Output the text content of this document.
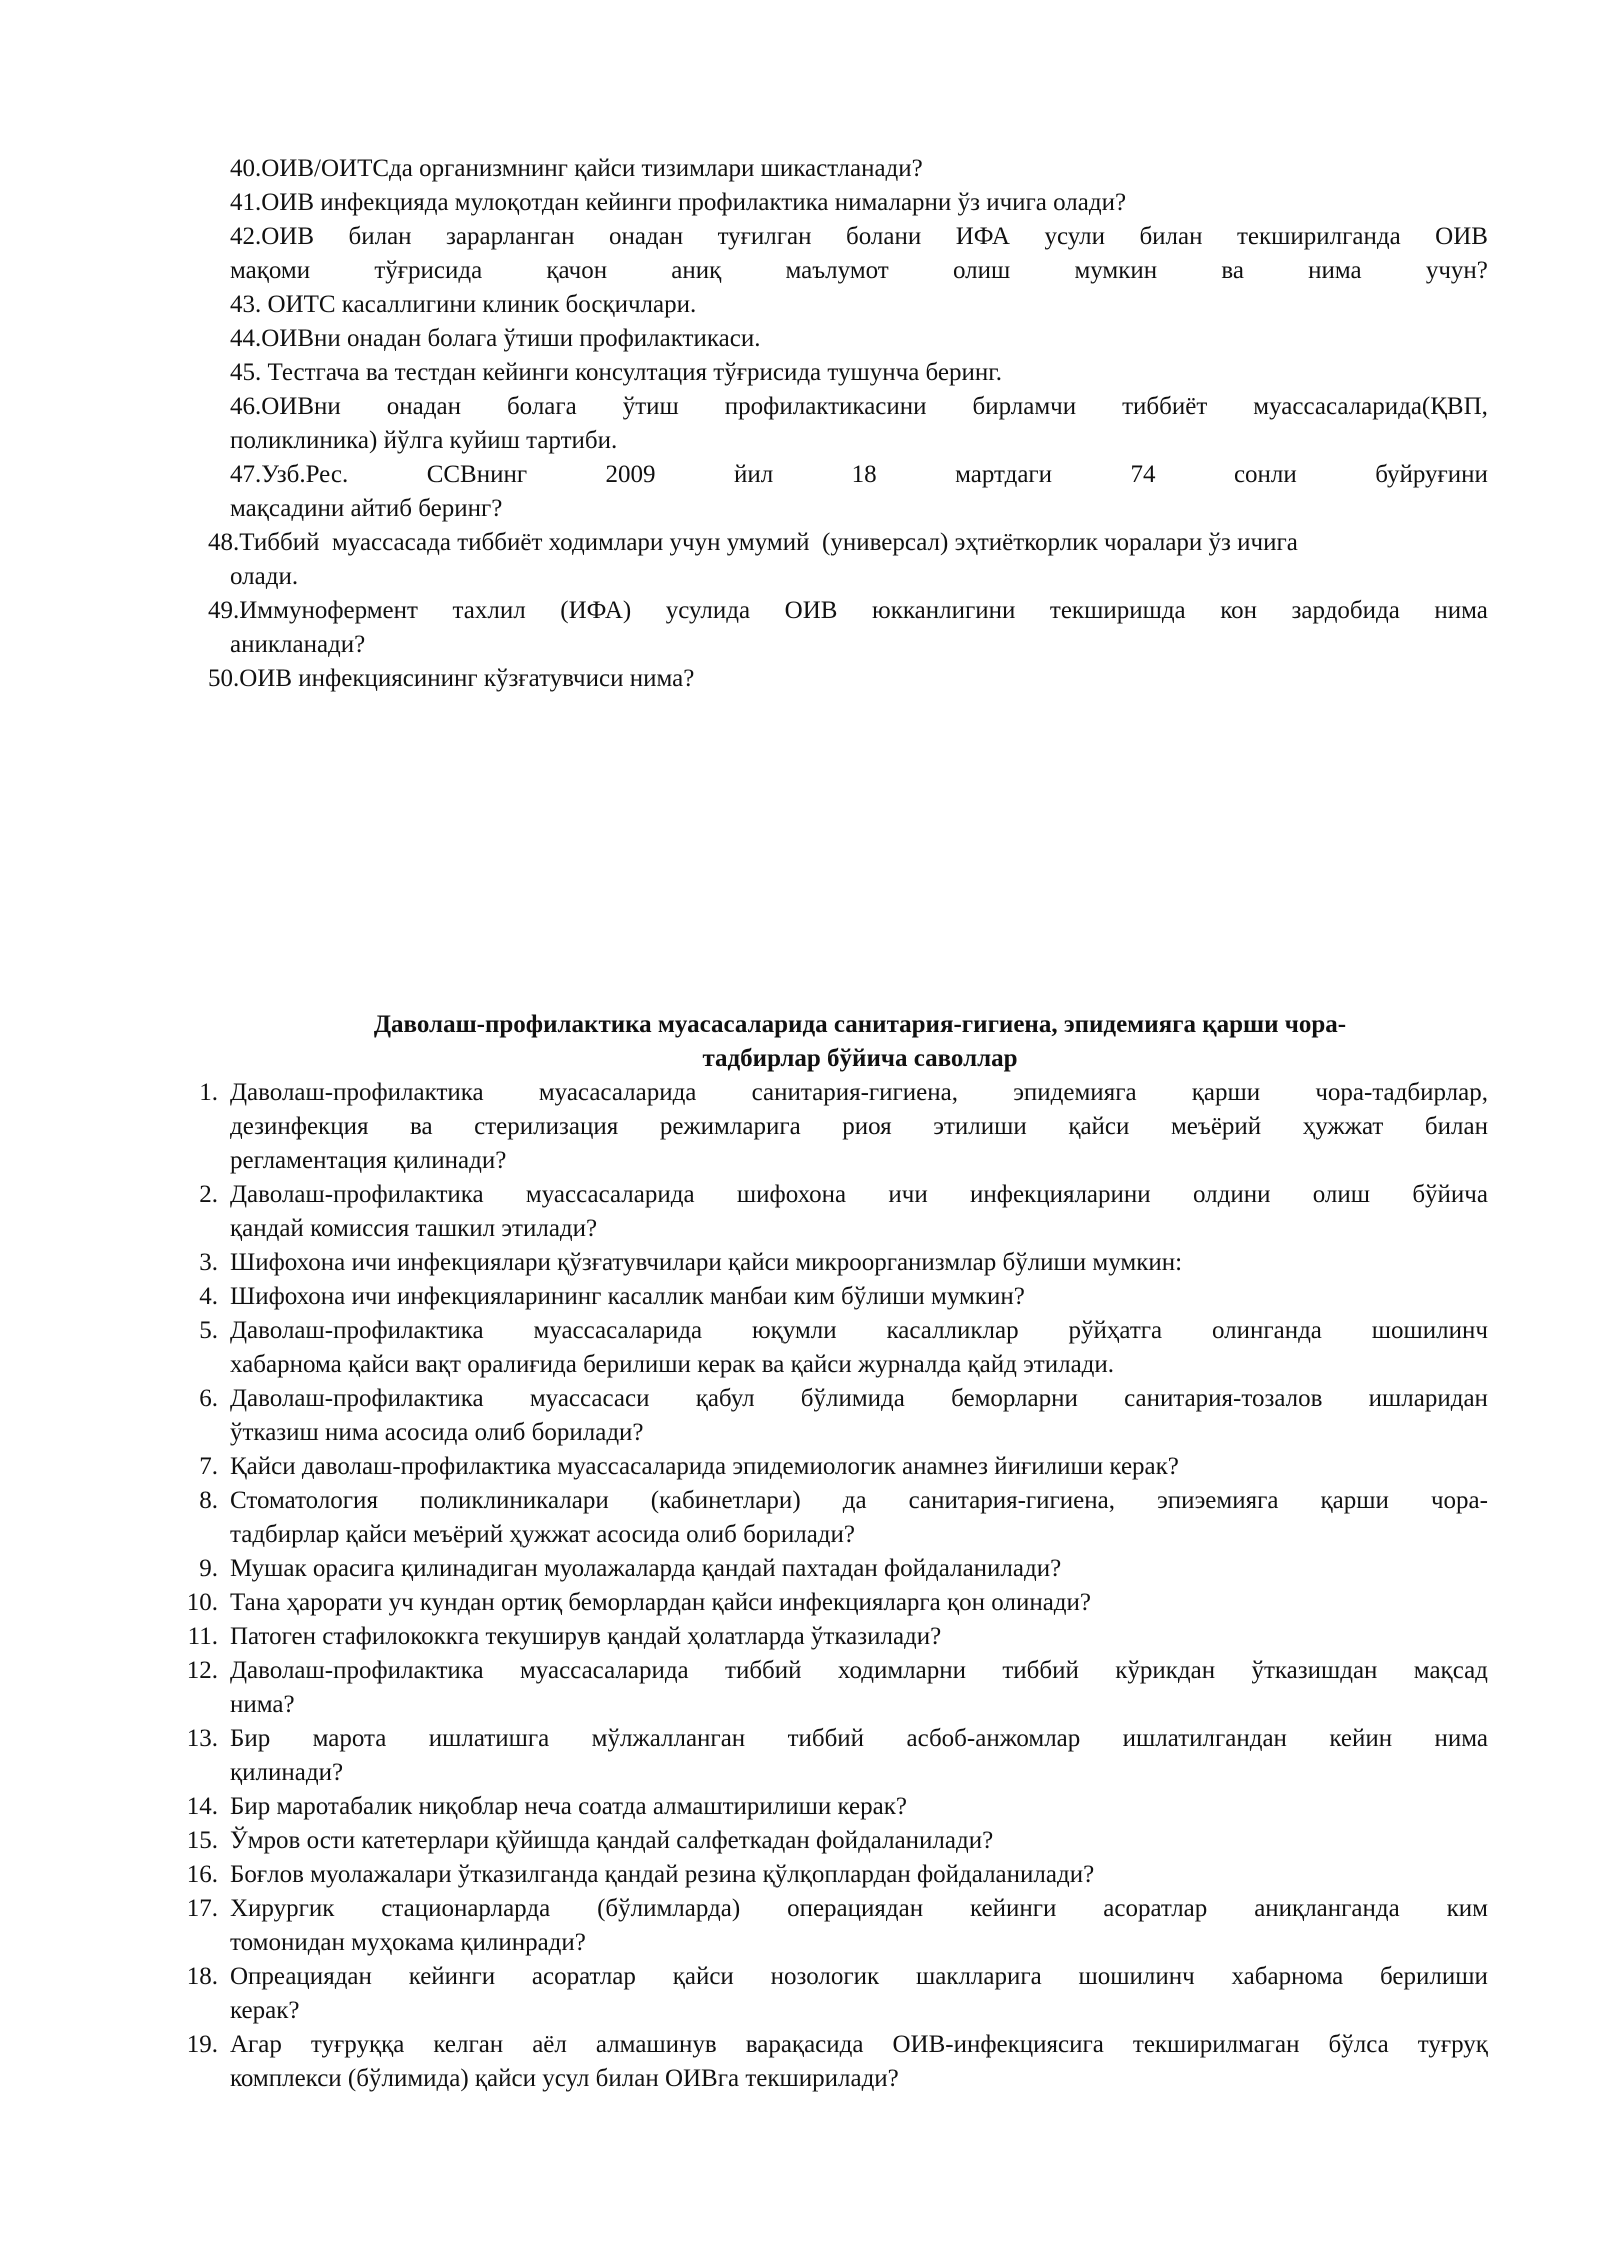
40.ОИВ/ОИТСда организмнинг қайси тизимлари шикастланади?
41.ОИВ инфекцияда мулоқотдан кейинги профилактика нималарни ўз ичига олади?
42.ОИВ билан зарарланган онадан туғилган болани ИФА усули билан текширилганда ОИВ
мақоми	тўғрисида	қачон	аниқ	маълумот	олиш	мумкин	ва	нима	учун?
43. ОИТС касаллигини клиник босқичлари.
44.ОИВни онадан болага ўтиши профилактикаси.
45. Тестгача ва тестдан кейинги консултация тўғрисида тушунча беринг.
46.ОИВни онадан болага ўтиш профилактикасини бирламчи тиббиёт муассасаларида(ҚВП,
поликлиника) йўлга куйиш тартиби.
47.Узб.Рес.	ССВнинг	2009	йил	18	мартдаги	74	сонли	буйруғини
мақсадини айтиб беринг?
48.Тиббий  муассасада тиббиёт ходимлари учун умумий  (универсал) эҳтиёткорлик чоралари ўз ичига
олади.
49.Иммунофермент тахлил (ИФА) усулида ОИВ юкканлигини текширишда кон зардобида нима
аникланади?
50.ОИВ инфекциясининг кўзғатувчиси нима?
Даволаш-профилактика муасасаларида санитария-гигиена, эпидемияга қарши чора-
тадбирлар бўйича саволлар
1. Даволаш-профилактика муасасаларида санитария-гигиена, эпидемияга қарши чора-тадбирлар,
дезинфекция ва стерилизация режимларига риоя этилиши қайси меъёрий ҳужжат билан
регламентация қилинади?
2. Даволаш-профилактика муассасаларида шифохона ичи инфекцияларини олдини олиш бўйича
қандай комиссия ташкил этилади?
3. Шифохона ичи инфекциялари қўзғатувчилари қайси микроорганизмлар бўлиши мумкин:
4. Шифохона ичи инфекцияларининг касаллик манбаи ким бўлиши мумкин?
5. Даволаш-профилактика муассасаларида юқумли касалликлар рўйҳатга олинганда шошилинч
хабарнома қайси вақт оралиғида берилиши керак ва қайси журналда қайд этилади.
6. Даволаш-профилактика муассасаси қабул бўлимида беморларни санитария-тозалов ишларидан
ўтказиш нима асосида олиб борилади?
7. Қайси даволаш-профилактика муассасаларида эпидемиологик анамнез йиғилиши керак?
8. Стоматология поликлиникалари (кабинетлари) да санитария-гигиена, эпиэемияга қарши чора-
тадбирлар қайси меъёрий ҳужжат асосида олиб борилади?
9. Мушак орасига қилинадиган муолажаларда қандай пахтадан фойдаланилади?
10. Тана ҳарорати уч кундан ортиқ беморлардан қайси инфекцияларга қон олинади?
11. Патоген стафилококкга текуширув қандай ҳолатларда ўтказилади?
12. Даволаш-профилактика муассасаларида тиббий ходимларни тиббий кўрикдан ўтказишдан мақсад
нима?
13. Бир марота ишлатишга мўлжалланган тиббий асбоб-анжомлар ишлатилгандан кейин нима
қилинади?
14. Бир маротабалик ниқоблар неча соатда алмаштирилиши керак?
15. Ўмров ости катетерлари қўйишда қандай салфеткадан фойдаланилади?
16. Боғлов муолажалари ўтказилганда қандай резина қўлқоплардан фойдаланилади?
17. Хирургик стационарларда (бўлимларда) операциядан кейинги асоратлар аниқланганда ким
томонидан муҳокама қилинради?
18. Опреациядан кейинги асоратлар қайси нозологик шаклларига шошилинч хабарнома берилиши
керак?
19. Агар туғруққа келган аёл алмашинув варақасида ОИВ-инфекциясига текширилмаган бўлса туғруқ
комплекси (бўлимида) қайси усул билан ОИВга текширилади?
